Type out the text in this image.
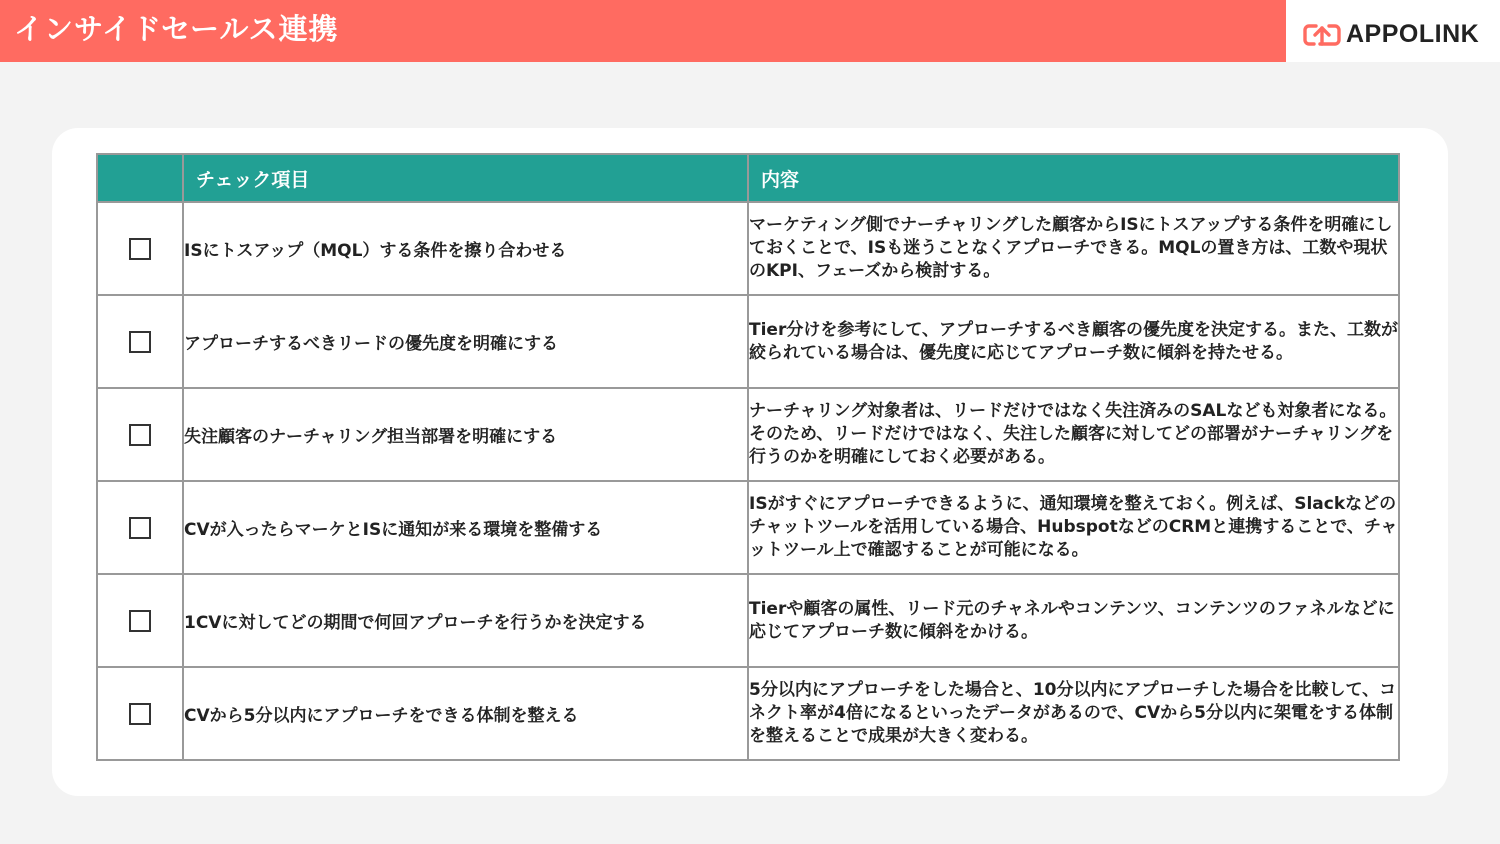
インサイドセールス連携	APPOLINK
	チェック項目	内容
	ISにトスアップ（MQL）する条件を擦り合わせる	マーケティング側でナーチャリングした顧客からISにトスアップする条件を明確にしておくことで、ISも迷うことなくアプローチできる。MQLの置き方は、工数や現状のKPI、フェーズから検討する。
	アプローチするべきリードの優先度を明確にする	Tier分けを参考にして、アプローチするべき顧客の優先度を決定する。また、工数が絞られている場合は、優先度に応じてアプローチ数に傾斜を持たせる。
	失注顧客のナーチャリング担当部署を明確にする	ナーチャリング対象者は、リードだけではなく失注済みのSALなども対象者になる。そのため、リードだけではなく、失注した顧客に対してどの部署がナーチャリングを行うのかを明確にしておく必要がある。
	CVが入ったらマーケとISに通知が来る環境を整備する	ISがすぐにアプローチできるように、通知環境を整えておく。例えば、Slackなどのチャットツールを活用している場合、HubspotなどのCRMと連携することで、チャットツール上で確認することが可能になる。
	1CVに対してどの期間で何回アプローチを行うかを決定する	Tierや顧客の属性、リード元のチャネルやコンテンツ、コンテンツのファネルなどに応じてアプローチ数に傾斜をかける。
	CVから5分以内にアプローチをできる体制を整える	5分以内にアプローチをした場合と、10分以内にアプローチした場合を比較して、コネクト率が4倍になるといったデータがあるので、CVから5分以内に架電をする体制を整えることで成果が大きく変わる。
